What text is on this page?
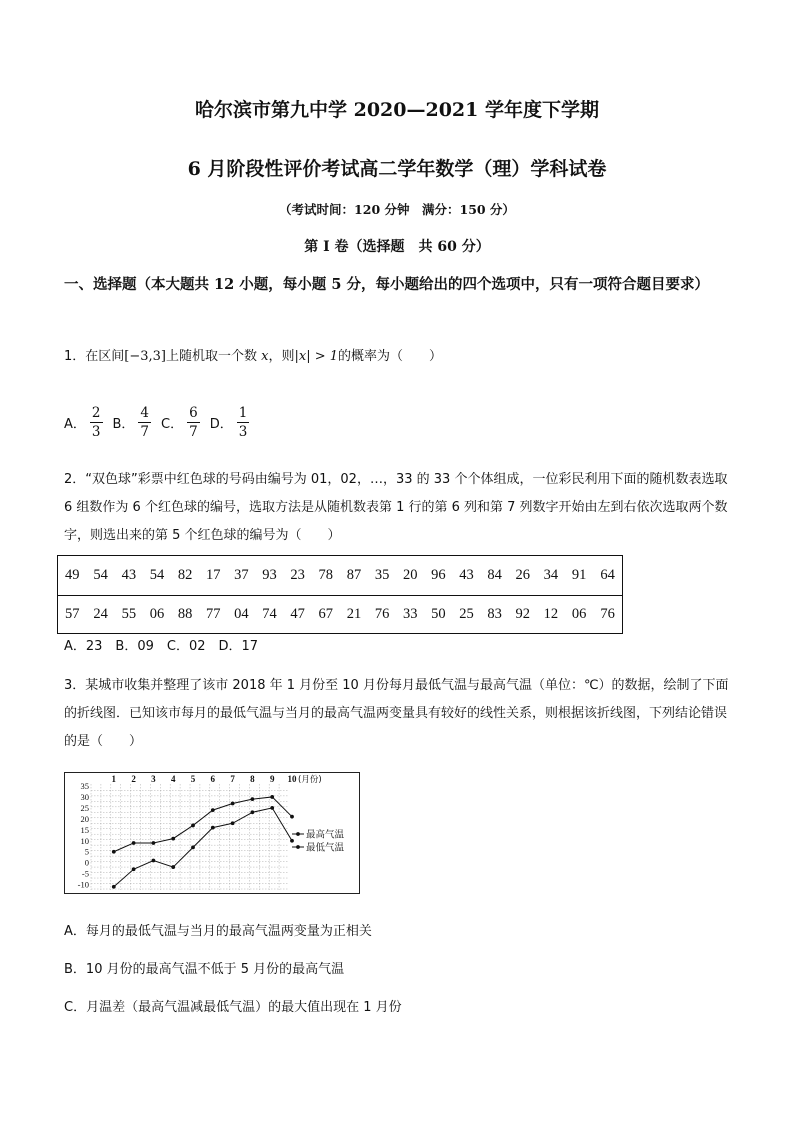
哈尔滨市第九中学 2020—2021 学年度下学期
6 月阶段性评价考试高二学年数学（理）学科试卷
（考试时间：120 分钟　满分：150 分）
第 I 卷（选择题　共 60 分）
一、选择题（本大题共 12 小题，每小题 5 分，每小题给出的四个选项中，只有一项符合题目要求）
1．在区间[−3,3]上随机取一个数 x，则|x| > 1的概率为（　　）
A． $\frac{2}{3}$ B． $\frac{4}{7}$ C． $\frac{6}{7}$ D． $\frac{1}{3}$
2．“双色球”彩票中红色球的号码由编号为 01，02，…，33 的 33 个个体组成，一位彩民利用下面的随机数表选取 6 组数作为 6 个红色球的编号，选取方法是从随机数表第 1 行的第 6 列和第 7 列数字开始由左到右依次选取两个数字，则选出来的第 5 个红色球的编号为（　　）
49	54	43	54	82	17	37	93	23	78	87	35	20	96	43	84	26	34	91	64
57	24	55	06	88	77	04	74	47	67	21	76	33	50	25	83	92	12	06	76
A．23　B．09　C．02　D．17
3．某城市收集并整理了该市 2018 年 1 月份至 10 月份每月最低气温与最高气温（单位：℃）的数据，绘制了下面的折线图．已知该市每月的最低气温与当月的最高气温两变量具有较好的线性关系，则根据该折线图，下列结论错误的是（　　）
-10
-5
0
5
10
15
20
25
30
35
1 2 3 4 5 6 7 8 9 10 (月份)
最高气温
最低气温
A．每月的最低气温与当月的最高气温两变量为正相关
B．10 月份的最高气温不低于 5 月份的最高气温
C．月温差（最高气温减最低气温）的最大值出现在 1 月份
